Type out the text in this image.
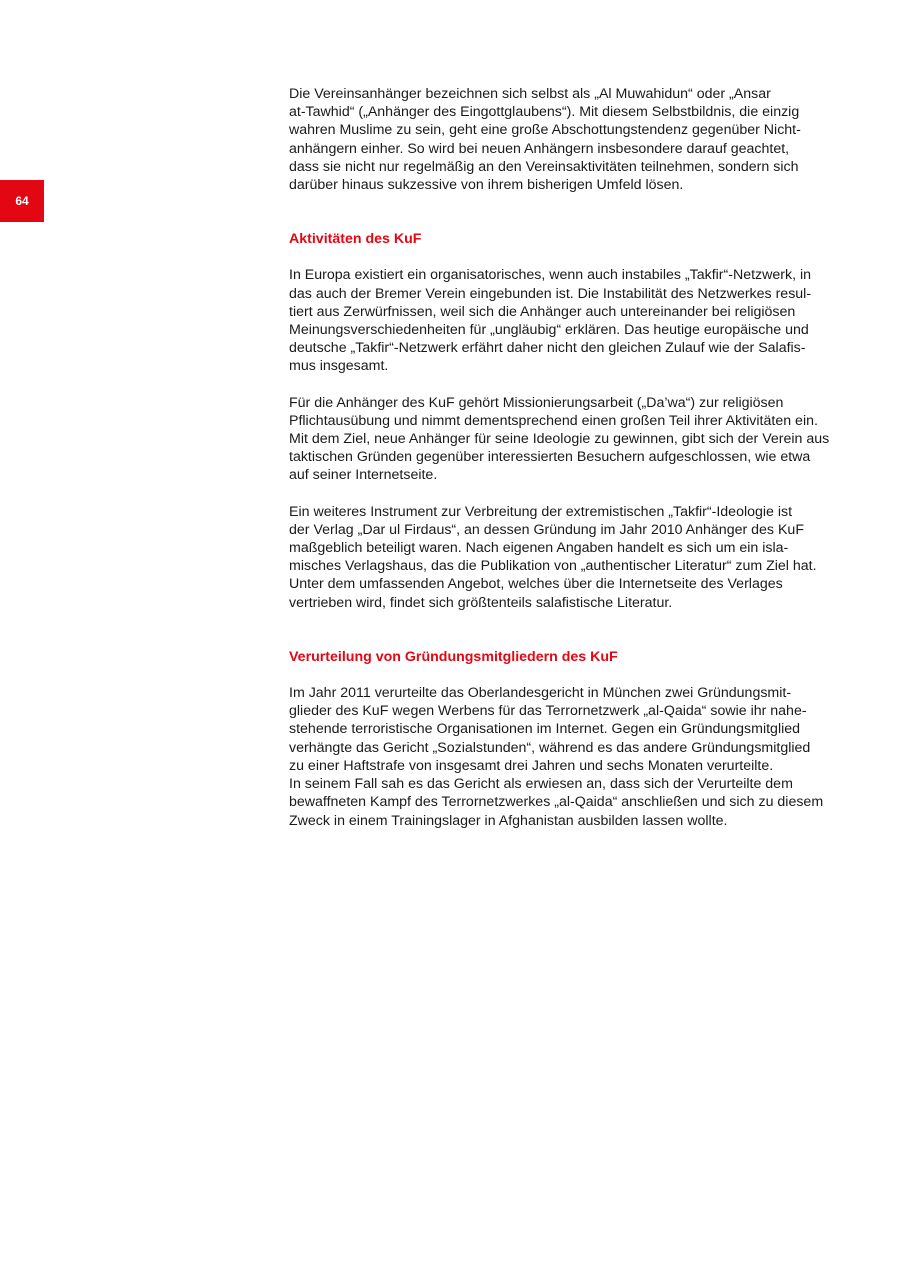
64

Die Vereinsanhänger bezeichnen sich selbst als „Al Muwahidun“ oder „Ansar
at-Tawhid“ („Anhänger des Eingottglaubens“). Mit diesem Selbstbildnis, die einzig
wahren Muslime zu sein, geht eine große Abschottungstendenz gegenüber Nicht-
anhängern einher. So wird bei neuen Anhängern insbesondere darauf geachtet,
dass sie nicht nur regelmäßig an den Vereinsaktivitäten teilnehmen, sondern sich
darüber hinaus sukzessive von ihrem bisherigen Umfeld lösen.

Aktivitäten des KuF

In Europa existiert ein organisatorisches, wenn auch instabiles „Takfir“-Netzwerk, in
das auch der Bremer Verein eingebunden ist. Die Instabilität des Netzwerkes resul-
tiert aus Zerwürfnissen, weil sich die Anhänger auch untereinander bei religiösen
Meinungsverschiedenheiten für „ungläubig“ erklären. Das heutige europäische und
deutsche „Takfir“-Netzwerk erfährt daher nicht den gleichen Zulauf wie der Salafis-
mus insgesamt.

Für die Anhänger des KuF gehört Missionierungsarbeit („Da’wa“) zur religiösen
Pflichtausübung und nimmt dementsprechend einen großen Teil ihrer Aktivitäten ein.
Mit dem Ziel, neue Anhänger für seine Ideologie zu gewinnen, gibt sich der Verein aus
taktischen Gründen gegenüber interessierten Besuchern aufgeschlossen, wie etwa
auf seiner Internetseite.

Ein weiteres Instrument zur Verbreitung der extremistischen „Takfir“-Ideologie ist
der Verlag „Dar ul Firdaus“, an dessen Gründung im Jahr 2010 Anhänger des KuF
maßgeblich beteiligt waren. Nach eigenen Angaben handelt es sich um ein isla-
misches Verlagshaus, das die Publikation von „authentischer Literatur“ zum Ziel hat.
Unter dem umfassenden Angebot, welches über die Internetseite des Verlages
vertrieben wird, findet sich größtenteils salafistische Literatur.

Verurteilung von Gründungsmitgliedern des KuF

Im Jahr 2011 verurteilte das Oberlandesgericht in München zwei Gründungsmit-
glieder des KuF wegen Werbens für das Terrornetzwerk „al-Qaida“ sowie ihr nahe-
stehende terroristische Organisationen im Internet. Gegen ein Gründungsmitglied
verhängte das Gericht „Sozialstunden“, während es das andere Gründungsmitglied
zu einer Haftstrafe von insgesamt drei Jahren und sechs Monaten verurteilte.
In seinem Fall sah es das Gericht als erwiesen an, dass sich der Verurteilte dem
bewaffneten Kampf des Terrornetzwerkes „al-Qaida“ anschließen und sich zu diesem
Zweck in einem Trainingslager in Afghanistan ausbilden lassen wollte.
